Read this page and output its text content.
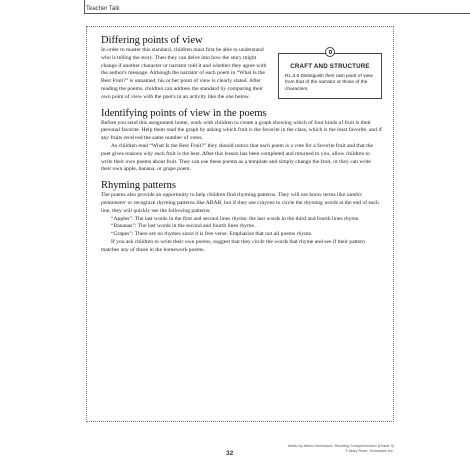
Teacher Talk
Differing points of view
CRAFT AND STRUCTURE
RL.3.6 Distinguish their own point of view from that of the narrator or those of the characters.

In order to master this standard, children must first be able to understand who is telling the story. Then they can delve into how the story might change if another character or narrator told it and whether they agree with the author's message. Although the narrator of each poem in “What Is the Best Fruit?” is unnamed, his or her point of view is clearly stated. After reading the poems, children can address the standard by comparing their own point of view with the poet's in an activity like the one below.

Identifying points of view in the poems

Before you send this assignment home, work with children to create a graph showing which of four kinds of fruit is their personal favorite. Help them read the graph by asking which fruit is the favorite in the class, which is the least favorite, and if any fruits received the same number of votes.

As children read “What Is the Best Fruit?” they should notice that each poem is a vote for a favorite fruit and that the poet gives reasons why each fruit is the best. After this lesson has been completed and returned to you, allow children to write their own poems about fruit. They can use these poems as a template and simply change the fruit, or they can write their own apple, banana, or grape poem.

Rhyming patterns

The poems also provide an opportunity to help children find rhyming patterns. They will not know terms like iambic pentameter or recognize rhyming patterns like ABAB, but if they use crayons to circle the rhyming words at the end of each line, they will quickly see the following patterns:

“Apples”: The last words in the first and second lines rhyme; the last words in the third and fourth lines rhyme.

“Bananas”: The last words in the second and fourth lines rhyme.

“Grapes”: There are no rhymes since it is free verse. Emphasize that not all poems rhyme.

If you ask children to write their own poems, suggest that they circle the words that rhyme and see if their pattern matches any of those in the homework poems.

Week-by-Week Homework: Reading Comprehension (Grade 3)
© Mary Rose, Scholastic Inc.
32
